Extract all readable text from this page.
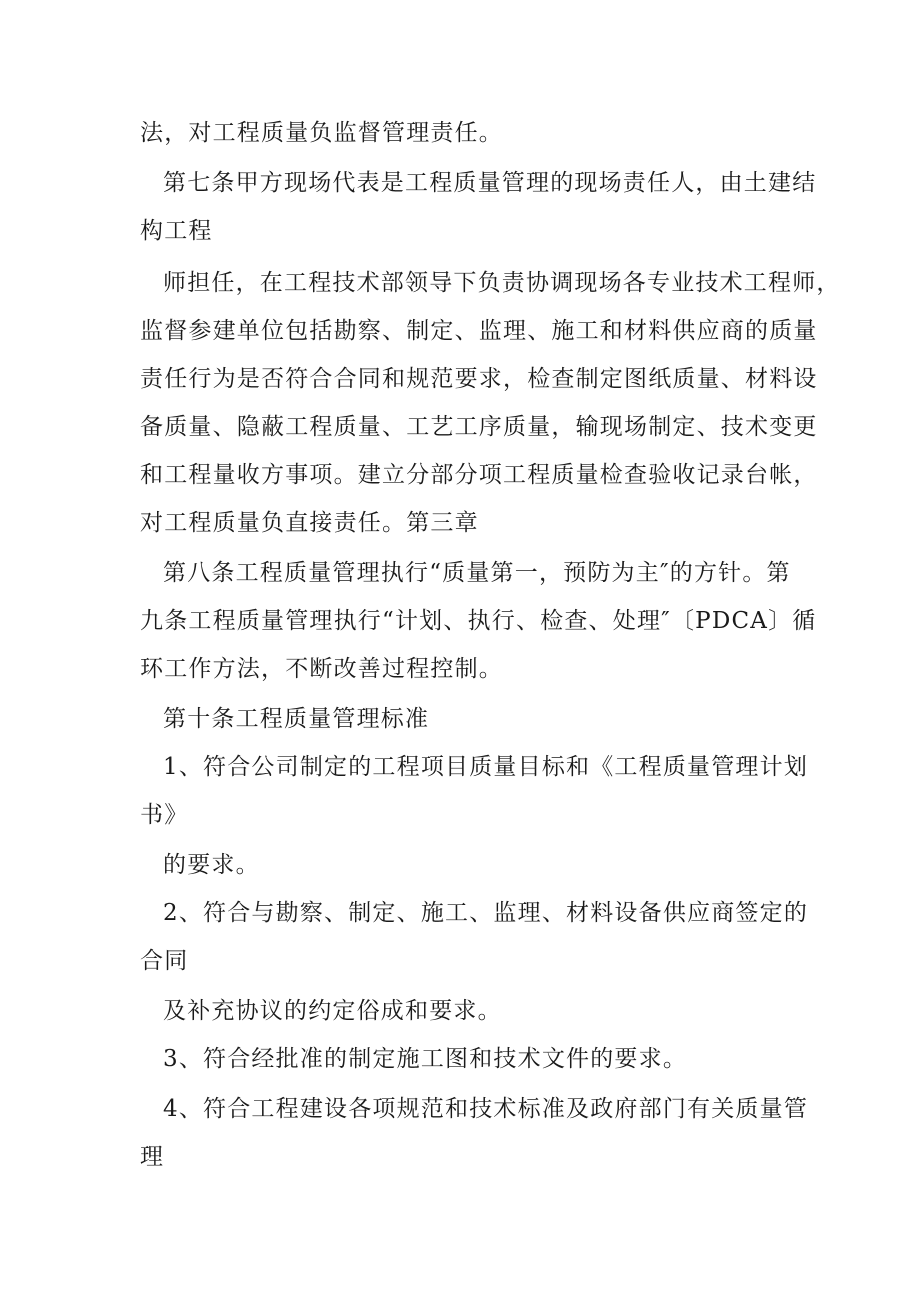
法，对工程质量负监督管理责任。
第七条甲方现场代表是工程质量管理的现场责任人，由土建结
构工程
师担任，在工程技术部领导下负责协调现场各专业技术工程师，
监督参建单位包括勘察、制定、监理、施工和材料供应商的质量
责任行为是否符合合同和规范要求，检查制定图纸质量、材料设
备质量、隐蔽工程质量、工艺工序质量，输现场制定、技术变更
和工程量收方事项。建立分部分项工程质量检查验收记录台帐，
对工程质量负直接责任。第三章
第八条工程质量管理执行“质量第一，预防为主″的方针。第
九条工程质量管理执行“计划、执行、检查、处理″〔PDCA〕循
环工作方法，不断改善过程控制。
第十条工程质量管理标准
1、符合公司制定的工程项目质量目标和《工程质量管理计划
书》
的要求。
2、符合与勘察、制定、施工、监理、材料设备供应商签定的
合同
及补充协议的约定俗成和要求。
3、符合经批准的制定施工图和技术文件的要求。
4、符合工程建设各项规范和技术标准及政府部门有关质量管
理
